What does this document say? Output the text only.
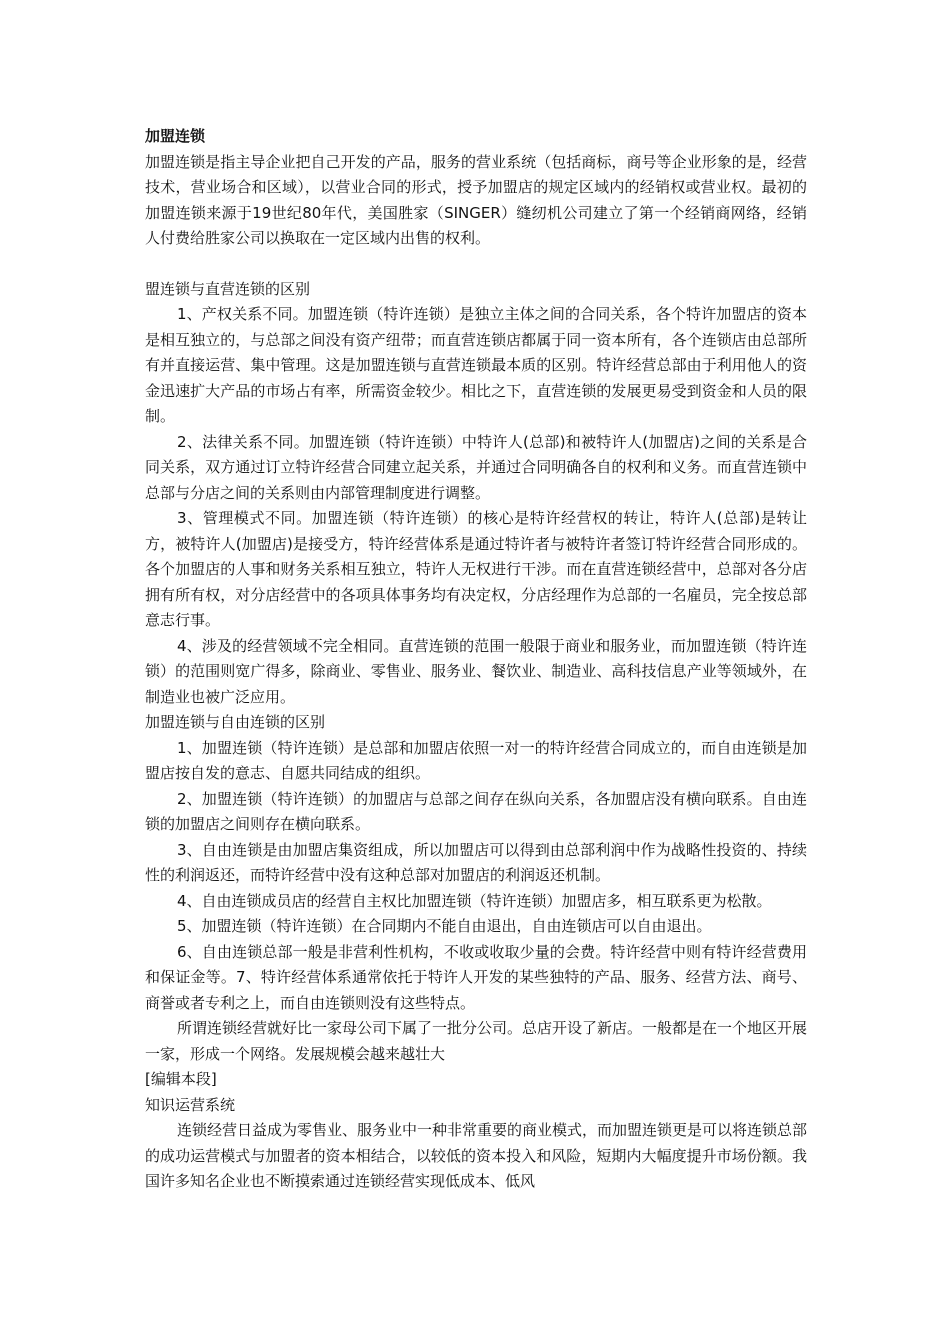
加盟连锁

加盟连锁是指主导企业把自己开发的产品，服务的营业系统（包括商标，商号等企业形象的是，经营技术，营业场合和区域），以营业合同的形式，授予加盟店的规定区域内的经销权或营业权。最初的加盟连锁来源于19世纪80年代，美国胜家（SINGER）缝纫机公司建立了第一个经销商网络，经销人付费给胜家公司以换取在一定区域内出售的权利。

盟连锁与直营连锁的区别

1、产权关系不同。加盟连锁（特许连锁）是独立主体之间的合同关系，各个特许加盟店的资本是相互独立的，与总部之间没有资产纽带；而直营连锁店都属于同一资本所有，各个连锁店由总部所有并直接运营、集中管理。这是加盟连锁与直营连锁最本质的区别。特许经营总部由于利用他人的资金迅速扩大产品的市场占有率，所需资金较少。相比之下，直营连锁的发展更易受到资金和人员的限制。

2、法律关系不同。加盟连锁（特许连锁）中特许人(总部)和被特许人(加盟店)之间的关系是合同关系，双方通过订立特许经营合同建立起关系，并通过合同明确各自的权利和义务。而直营连锁中总部与分店之间的关系则由内部管理制度进行调整。

3、管理模式不同。加盟连锁（特许连锁）的核心是特许经营权的转让，特许人(总部)是转让方，被特许人(加盟店)是接受方，特许经营体系是通过特许者与被特许者签订特许经营合同形成的。各个加盟店的人事和财务关系相互独立，特许人无权进行干涉。而在直营连锁经营中，总部对各分店拥有所有权，对分店经营中的各项具体事务均有决定权，分店经理作为总部的一名雇员，完全按总部意志行事。

4、涉及的经营领域不完全相同。直营连锁的范围一般限于商业和服务业，而加盟连锁（特许连锁）的范围则宽广得多，除商业、零售业、服务业、餐饮业、制造业、高科技信息产业等领域外，在制造业也被广泛应用。

加盟连锁与自由连锁的区别

1、加盟连锁（特许连锁）是总部和加盟店依照一对一的特许经营合同成立的，而自由连锁是加盟店按自发的意志、自愿共同结成的组织。

2、加盟连锁（特许连锁）的加盟店与总部之间存在纵向关系，各加盟店没有横向联系。自由连锁的加盟店之间则存在横向联系。

3、自由连锁是由加盟店集资组成，所以加盟店可以得到由总部利润中作为战略性投资的、持续性的利润返还，而特许经营中没有这种总部对加盟店的利润返还机制。

4、自由连锁成员店的经营自主权比加盟连锁（特许连锁）加盟店多，相互联系更为松散。

5、加盟连锁（特许连锁）在合同期内不能自由退出，自由连锁店可以自由退出。

6、自由连锁总部一般是非营利性机构，不收或收取少量的会费。特许经营中则有特许经营费用和保证金等。7、特许经营体系通常依托于特许人开发的某些独特的产品、服务、经营方法、商号、商誉或者专利之上，而自由连锁则没有这些特点。

所谓连锁经营就好比一家母公司下属了一批分公司。总店开设了新店。一般都是在一个地区开展一家，形成一个网络。发展规模会越来越壮大

[编辑本段]

知识运营系统

连锁经营日益成为零售业、服务业中一种非常重要的商业模式，而加盟连锁更是可以将连锁总部的成功运营模式与加盟者的资本相结合，以较低的资本投入和风险，短期内大幅度提升市场份额。我国许多知名企业也不断摸索通过连锁经营实现低成本、低风
